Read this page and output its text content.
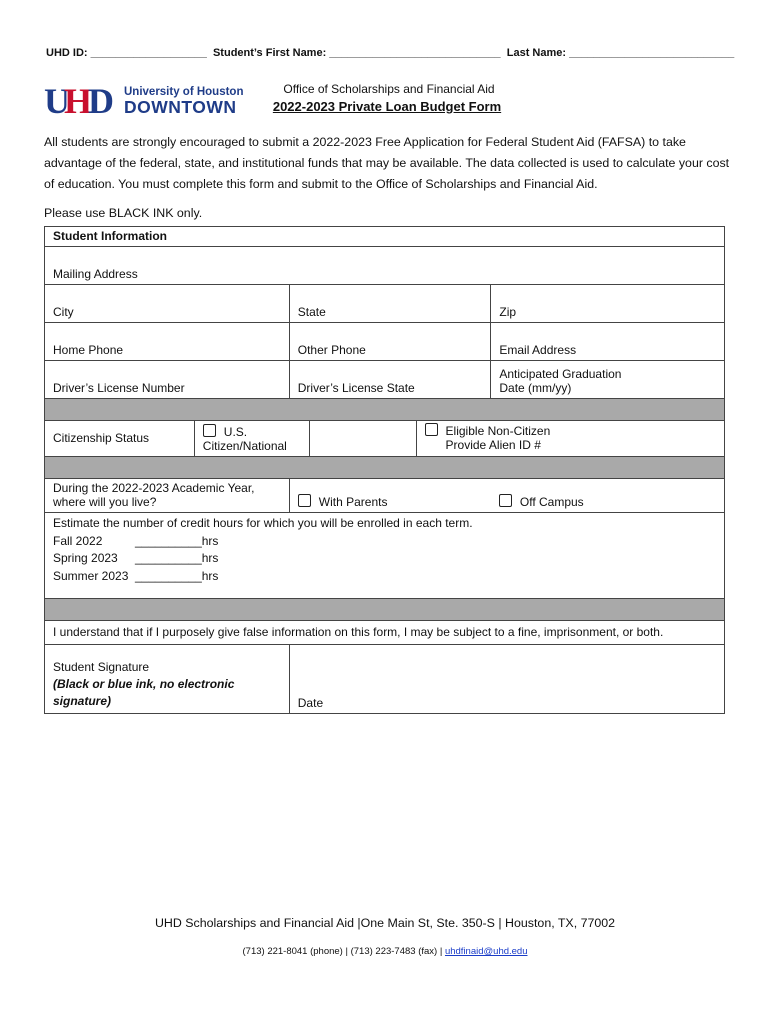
UHD ID: ___________________ Student’s First Name: ____________________________ Last Name: ___________________________
U
H
D University of Houston
DOWNTOWN
Office of Scholarships and Financial Aid
2022-2023 Private Loan Budget Form
All students are strongly encouraged to submit a 2022-2023 Free Application for Federal Student Aid (FAFSA) to take advantage of the federal, state, and institutional funds that may be available. The data collected is used to calculate your cost of education. You must complete this form and submit to the Office of Scholarships and Financial Aid.
Please use BLACK INK only.
Student Information					
Mailing Address					
City		State			Zip
Home Phone		Other Phone			Email Address
Driver’s License Number		Driver’s License State			Anticipated Graduation
Date (mm/yy)

Citizenship Status	U.S. Citizen/National			Eligible Non-Citizen
Provide Alien ID #	

During the 2022-2023 Academic Year,
where will you live?		With Parents			Off Campus

Estimate the number of credit hours for which you will be enrolled in each term.
Fall 2022 __________hrs
Spring 2023 __________hrs
Summer 2023 __________hrs					

I understand that if I purposely give false information on this form, I may be subject to a fine, imprisonment, or both.					

Student Signature
(Black or blue ink, no electronic
signature)		Date			
UHD Scholarships and Financial Aid |One Main St, Ste. 350-S | Houston, TX, 77002
(713) 221-8041 (phone) | (713) 223-7483 (fax) | uhdfinaid@uhd.edu
